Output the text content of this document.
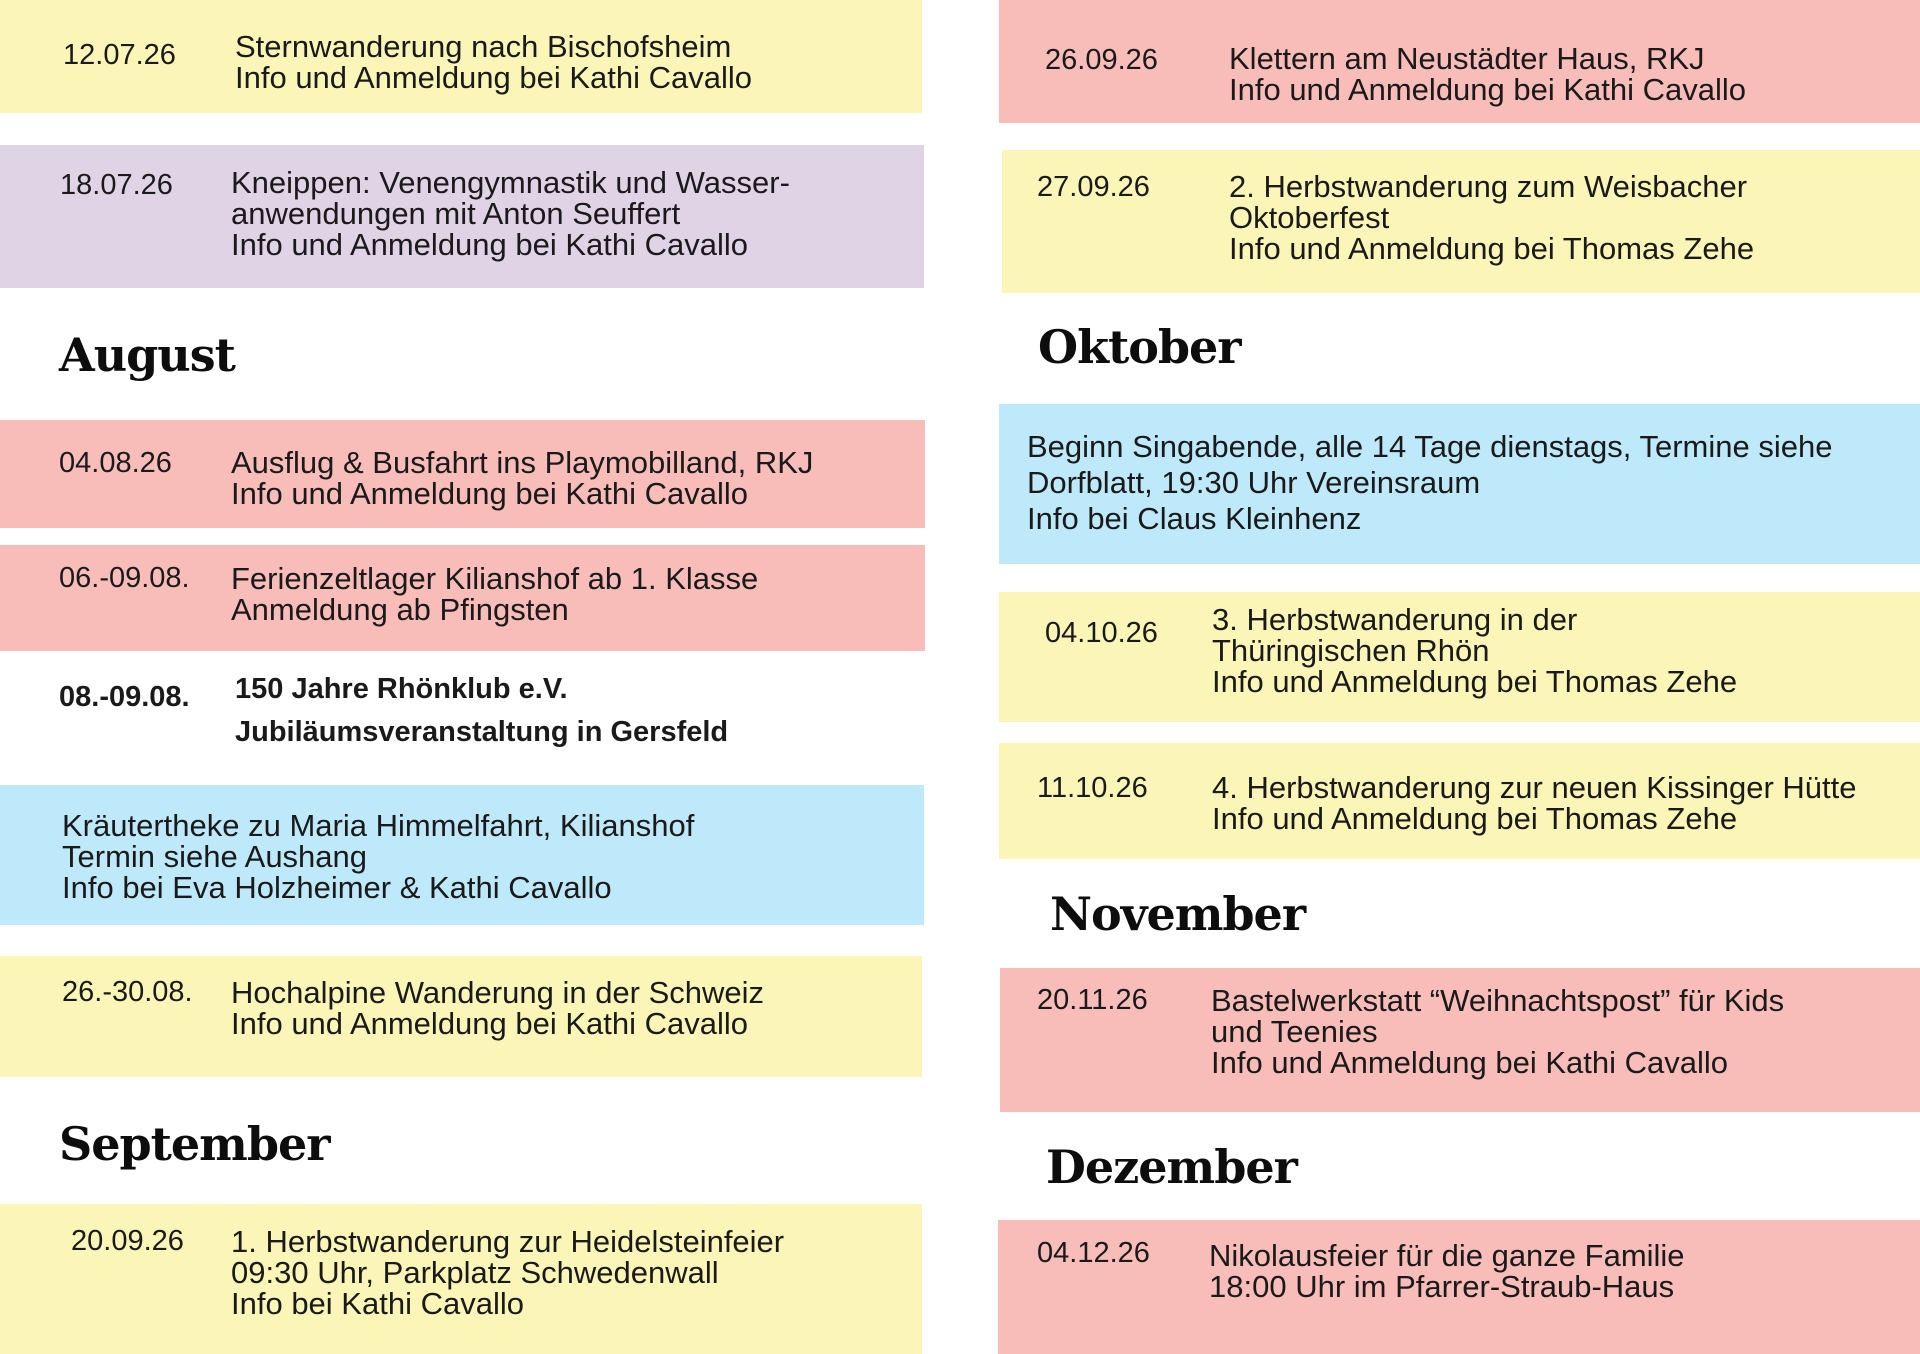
12.07.26 Sternwanderung nach Bischofsheim
Info und Anmeldung bei Kathi Cavallo
18.07.26 Kneippen: Venengymnastik und Wasser-
anwendungen mit Anton Seuffert
Info und Anmeldung bei Kathi Cavallo
August
04.08.26 Ausflug & Busfahrt ins Playmobilland, RKJ
Info und Anmeldung bei Kathi Cavallo
06.-09.08. Ferienzeltlager Kilianshof ab 1. Klasse
Anmeldung ab Pfingsten
08.-09.08. 150 Jahre Rhönklub e.V.
Jubiläumsveranstaltung in Gersfeld
Kräutertheke zu Maria Himmelfahrt, Kilianshof
Termin siehe Aushang
Info bei Eva Holzheimer & Kathi Cavallo
26.-30.08. Hochalpine Wanderung in der Schweiz
Info und Anmeldung bei Kathi Cavallo
September
20.09.26 1. Herbstwanderung zur Heidelsteinfeier
09:30 Uhr, Parkplatz Schwedenwall
Info bei Kathi Cavallo
26.09.26 Klettern am Neustädter Haus, RKJ
Info und Anmeldung bei Kathi Cavallo
27.09.26	2. Herbstwanderung zum Weisbacher
Oktoberfest
Info und Anmeldung bei Thomas Zehe
Oktober
Beginn Singabende, alle 14 Tage dienstags, Termine siehe
Dorfblatt, 19:30 Uhr Vereinsraum
Info bei Claus Kleinhenz
04.10.26 3. Herbstwanderung in der
Thüringischen Rhön
Info und Anmeldung bei Thomas Zehe
11.10.26 4. Herbstwanderung zur neuen Kissinger Hütte
Info und Anmeldung bei Thomas Zehe
November
20.11.26 Bastelwerkstatt “Weihnachtspost” für Kids
und Teenies
Info und Anmeldung bei Kathi Cavallo
Dezember
04.12.26 Nikolausfeier für die ganze Familie
18:00 Uhr im Pfarrer-Straub-Haus
